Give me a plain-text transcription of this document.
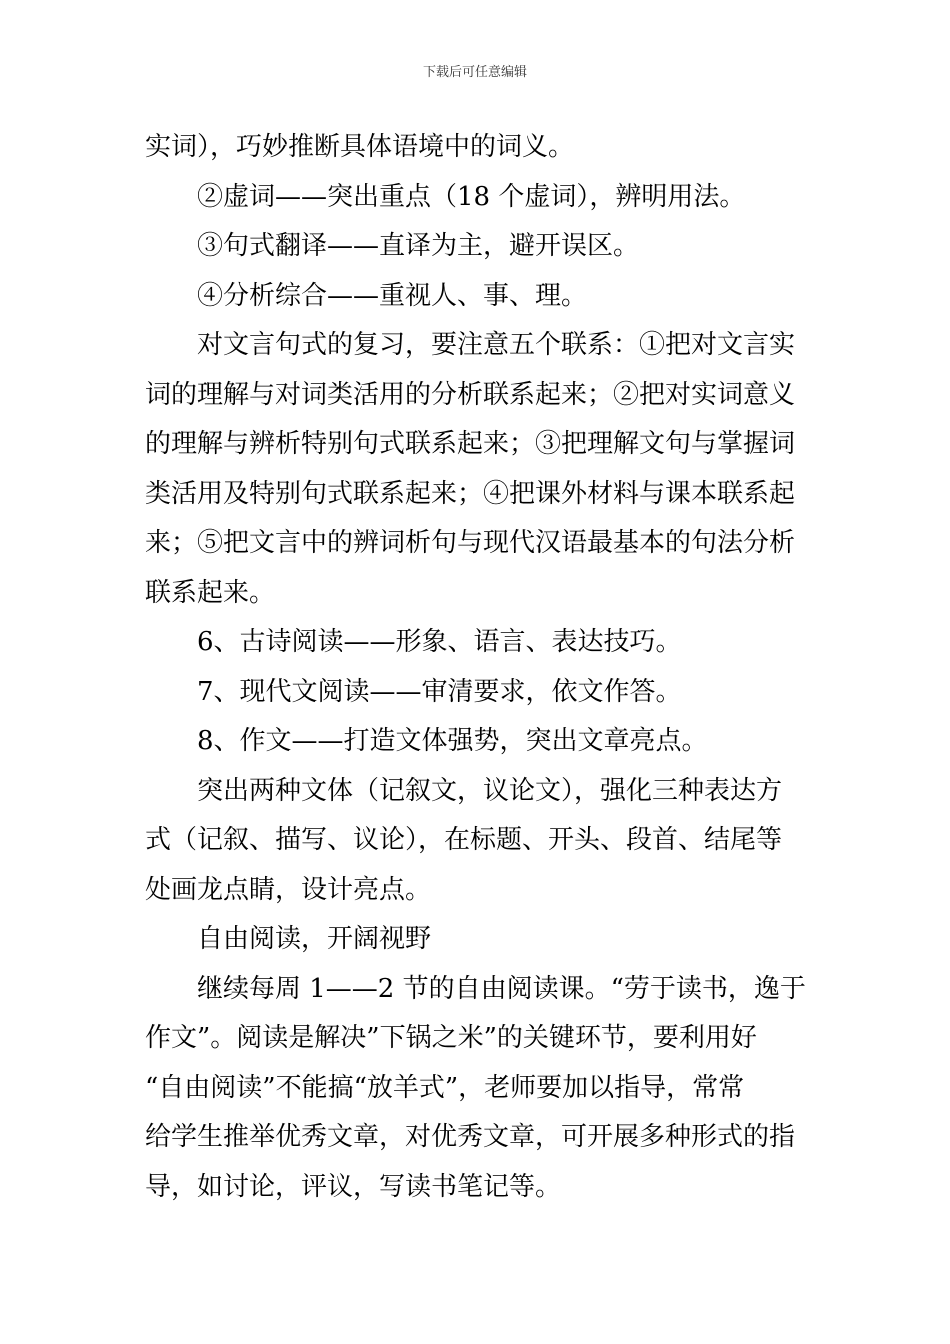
下载后可任意编辑
实词），巧妙推断具体语境中的词义。
②虚词——突出重点（18 个虚词），辨明用法。
③句式翻译——直译为主，避开误区。
④分析综合——重视人、事、理。
对文言句式的复习，要注意五个联系：①把对文言实
词的理解与对词类活用的分析联系起来；②把对实词意义
的理解与辨析特别句式联系起来；③把理解文句与掌握词
类活用及特别句式联系起来；④把课外材料与课本联系起
来；⑤把文言中的辨词析句与现代汉语最基本的句法分析
联系起来。
6、古诗阅读——形象、语言、表达技巧。
7、现代文阅读——审清要求，依文作答。
8、作文——打造文体强势，突出文章亮点。
突出两种文体（记叙文，议论文），强化三种表达方
式（记叙、描写、议论），在标题、开头、段首、结尾等
处画龙点睛，设计亮点。
自由阅读，开阔视野
继续每周 1——2 节的自由阅读课。“劳于读书，逸于
作文”。阅读是解决”下锅之米”的关键环节，要利用好
“自由阅读”不能搞“放羊式”，老师要加以指导，常常
给学生推举优秀文章，对优秀文章，可开展多种形式的指
导，如讨论，评议，写读书笔记等。
